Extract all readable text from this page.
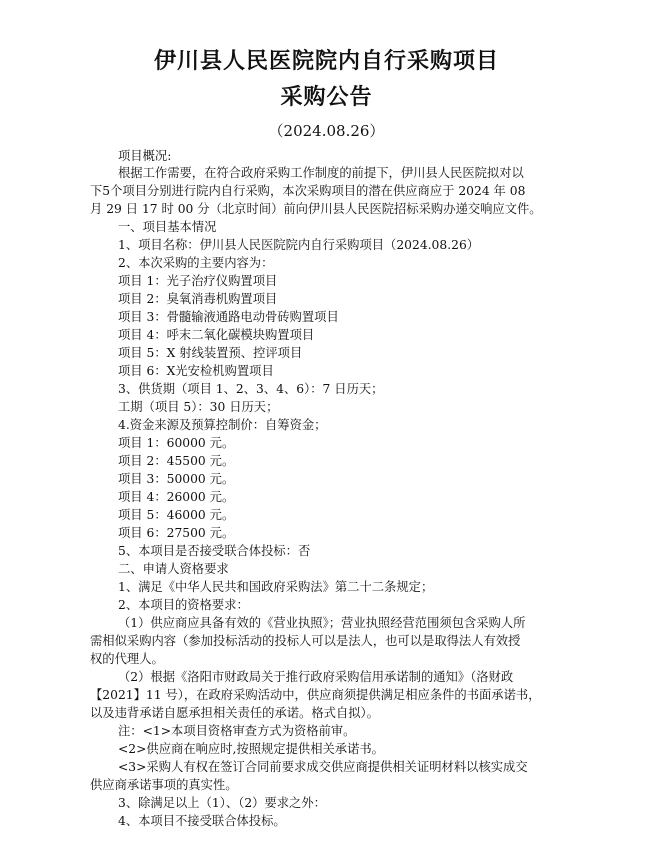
伊川县人民医院院内自行采购项目
采购公告
（2024.08.26）
项目概况:
根据工作需要，在符合政府采购工作制度的前提下，伊川县人民医院拟对以
下5个项目分别进行院内自行采购，本次采购项目的潜在供应商应于 2024 年 08
月 29 日 17 时 00 分（北京时间）前向伊川县人民医院招标采购办递交响应文件。
一、项目基本情况
1、项目名称：伊川县人民医院院内自行采购项目（2024.08.26）
2、本次采购的主要内容为：
项目 1：光子治疗仪购置项目
项目 2：臭氧消毒机购置项目
项目 3：骨髓输液通路电动骨砖购置项目
项目 4：呼末二氧化碳模块购置项目
项目 5：X 射线装置预、控评项目
项目 6：X光安检机购置项目
3、供货期（项目 1、2、3、4、6）：7 日历天；
工期（项目 5）：30 日历天；
4.资金来源及预算控制价：自筹资金；
项目 1：60000 元。
项目 2：45500 元。
项目 3：50000 元。
项目 4：26000 元。
项目 5：46000 元。
项目 6：27500 元。
5、本项目是否接受联合体投标：否
二、申请人资格要求
1、满足《中华人民共和国政府采购法》第二十二条规定；
2、本项目的资格要求：
（1）供应商应具备有效的《营业执照》；营业执照经营范围须包含采购人所
需相似采购内容（参加投标活动的投标人可以是法人，也可以是取得法人有效授
权的代理人。
（2）根据《洛阳市财政局关于推行政府采购信用承诺制的通知》（洛财政
【2021】11 号），在政府采购活动中，供应商须提供满足相应条件的书面承诺书，
以及违背承诺自愿承担相关责任的承诺。格式自拟）。
注：<1>本项目资格审查方式为资格前审。
<2>供应商在响应时,按照规定提供相关承诺书。
<3>采购人有权在签订合同前要求成交供应商提供相关证明材料以核实成交
供应商承诺事项的真实性。
3、除满足以上（1）、（2）要求之外：
4、本项目不接受联合体投标。
